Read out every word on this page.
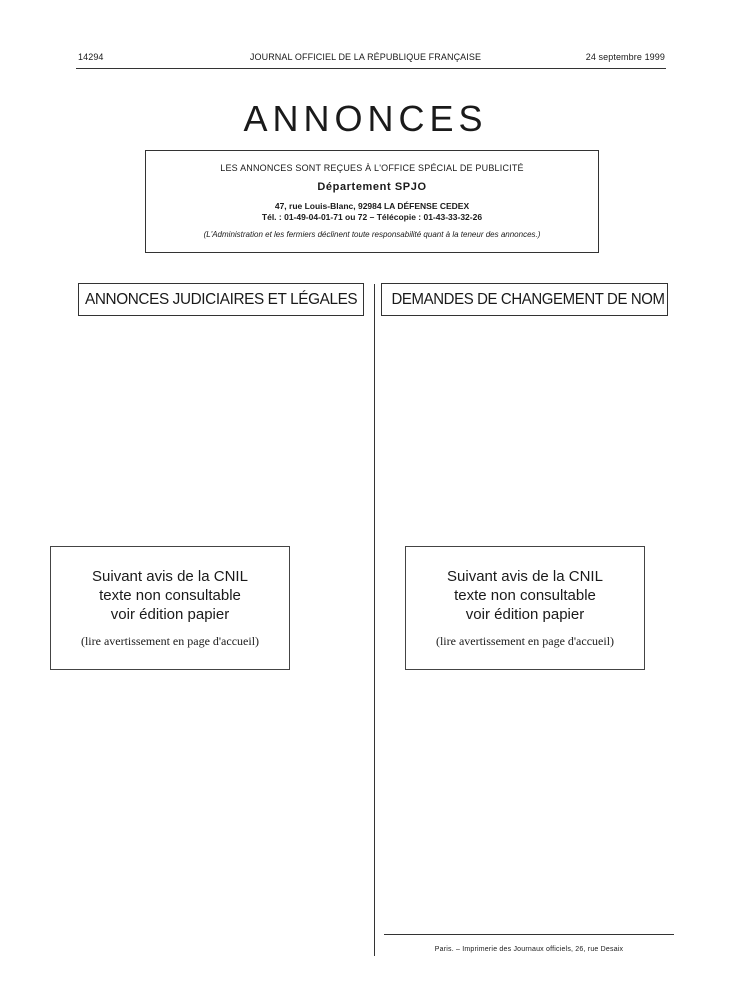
14294	JOURNAL OFFICIEL DE LA RÉPUBLIQUE FRANÇAISE	24 septembre 1999
ANNONCES
LES ANNONCES SONT REÇUES À L'OFFICE SPÉCIAL DE PUBLICITÉ
Département SPJO
47, rue Louis-Blanc, 92984 LA DÉFENSE CEDEX
Tél. : 01-49-04-01-71 ou 72 – Télécopie : 01-43-33-32-26
(L'Administration et les fermiers déclinent toute responsabilité quant à la teneur des annonces.)
ANNONCES JUDICIAIRES ET LÉGALES	DEMANDES DE CHANGEMENT DE NOM
Suivant avis de la CNIL
texte non consultable
voir édition papier
(lire avertissement en page d'accueil)
Suivant avis de la CNIL
texte non consultable
voir édition papier
(lire avertissement en page d'accueil)
Paris. – Imprimerie des Journaux officiels, 26, rue Desaix
